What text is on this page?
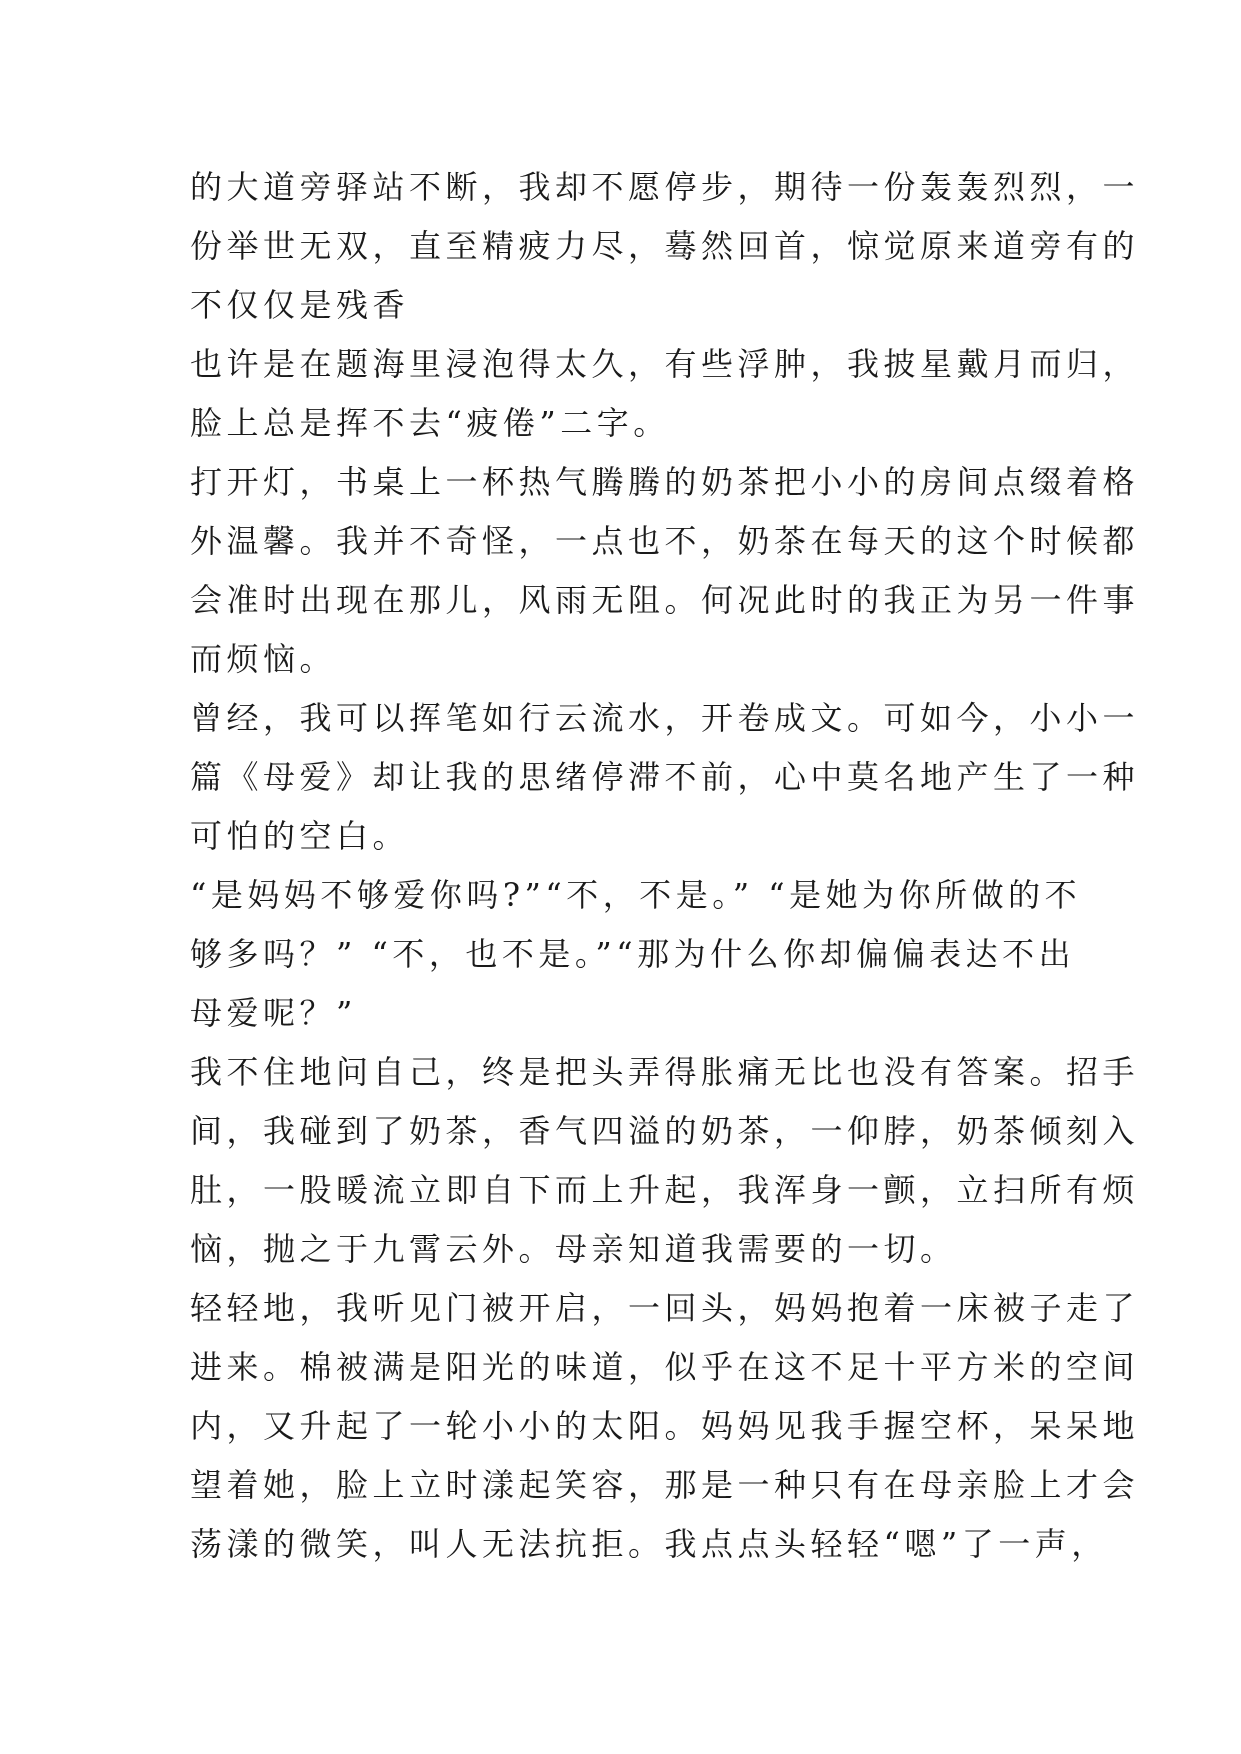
的大道旁驿站不断，我却不愿停步，期待一份轰轰烈烈，一
份举世无双，直至精疲力尽，蓦然回首，惊觉原来道旁有的
不仅仅是残香
也许是在题海里浸泡得太久，有些浮肿，我披星戴月而归，
脸上总是挥不去“疲倦”二字。
打开灯，书桌上一杯热气腾腾的奶茶把小小的房间点缀着格
外温馨。我并不奇怪，一点也不，奶茶在每天的这个时候都
会准时出现在那儿，风雨无阻。何况此时的我正为另一件事
而烦恼。
曾经，我可以挥笔如行云流水，开卷成文。可如今，小小一
篇《母爱》却让我的思绪停滞不前，心中莫名地产生了一种
可怕的空白。
“是妈妈不够爱你吗?”“不，不是。” “是她为你所做的不
够多吗？” “不，也不是。”“那为什么你却偏偏表达不出
母爱呢？”
我不住地问自己，终是把头弄得胀痛无比也没有答案。招手
间，我碰到了奶茶，香气四溢的奶茶，一仰脖，奶茶倾刻入
肚，一股暖流立即自下而上升起，我浑身一颤，立扫所有烦
恼，抛之于九霄云外。母亲知道我需要的一切。
轻轻地，我听见门被开启，一回头，妈妈抱着一床被子走了
进来。棉被满是阳光的味道，似乎在这不足十平方米的空间
内，又升起了一轮小小的太阳。妈妈见我手握空杯，呆呆地
望着她，脸上立时漾起笑容，那是一种只有在母亲脸上才会
荡漾的微笑，叫人无法抗拒。我点点头轻轻“嗯”了一声，
